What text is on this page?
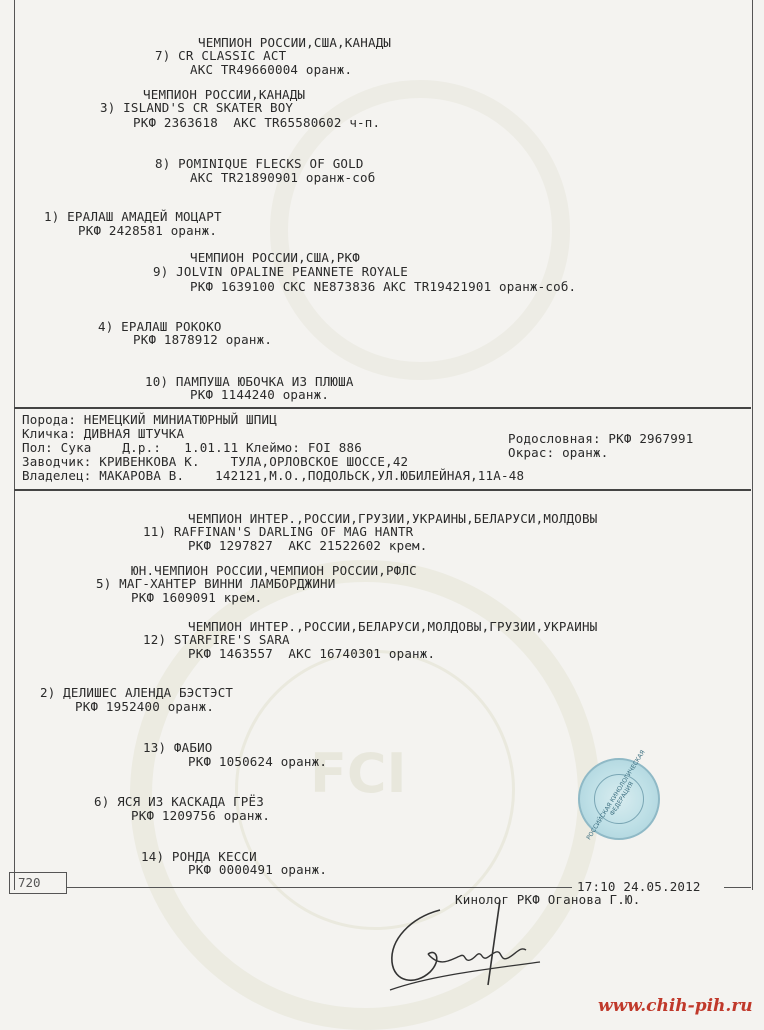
FCI
ЧЕМПИОН РОССИИ,США,КАНАДЫ
7) CR CLASSIC ACT
AKC TR49660004 оранж.
ЧЕМПИОН РОССИИ,КАНАДЫ
3) ISLAND'S CR SKATER BOY
РКФ 2363618  AKC TR65580602 ч-п.
8) POMINIQUE FLECKS OF GOLD
AKC TR21890901 оранж-соб
1) ЕРАЛАШ АМАДЕЙ МОЦАРТ
РКФ 2428581 оранж.
ЧЕМПИОН РОССИИ,США,РКФ
9) JOLVIN OPALINE PEANNETE ROYALE
РКФ 1639100 СКС NE873836 AKC TR19421901 оранж-соб.
4) ЕРАЛАШ РОКОКО
РКФ 1878912 оранж.
10) ПАМПУША ЮБОЧКА ИЗ ПЛЮША
РКФ 1144240 оранж.
Порода: НЕМЕЦКИЙ МИНИАТЮРНЫЙ ШПИЦ
Кличка: ДИВНАЯ ШТУЧКА
Пол: Сука    Д.р.:   1.01.11 Клеймо: FOI 886
Заводчик: КРИВЕНКОВА К.    ТУЛА,ОРЛОВСКОЕ ШОССЕ,42
Владелец: МАКАРОВА В.    142121,М.О.,ПОДОЛЬСК,УЛ.ЮБИЛЕЙНАЯ,11А-48
Родословная: РКФ 2967991
Окрас: оранж.
ЧЕМПИОН ИНТЕР.,РОССИИ,ГРУЗИИ,УКРАИНЫ,БЕЛАРУСИ,МОЛДОВЫ
11) RAFFINAN'S DARLING OF MAG HANTR
РКФ 1297827  AKC 21522602 крем.
ЮН.ЧЕМПИОН РОССИИ,ЧЕМПИОН РОССИИ,РФЛС
5) МАГ-ХАНТЕР ВИННИ ЛАМБОРДЖИНИ
РКФ 1609091 крем.
ЧЕМПИОН ИНТЕР.,РОССИИ,БЕЛАРУСИ,МОЛДОВЫ,ГРУЗИИ,УКРАИНЫ
12) STARFIRE'S SARA
РКФ 1463557  AKC 16740301 оранж.
2) ДЕЛИШЕС АЛЕНДА БЭСТЭСТ
РКФ 1952400 оранж.
13) ФАБИО
РКФ 1050624 оранж.
6) ЯСЯ ИЗ КАСКАДА ГРЁЗ
РКФ 1209756 оранж.
14) РОНДА КЕССИ
РКФ 0000491 оранж.
РОССИЙСКАЯ КИНОЛОГИЧЕСКАЯ ФЕДЕРАЦИЯ
720	17:10 24.05.2012
Кинолог РКФ Оганова Г.Ю.
www.chih-pih.ru
